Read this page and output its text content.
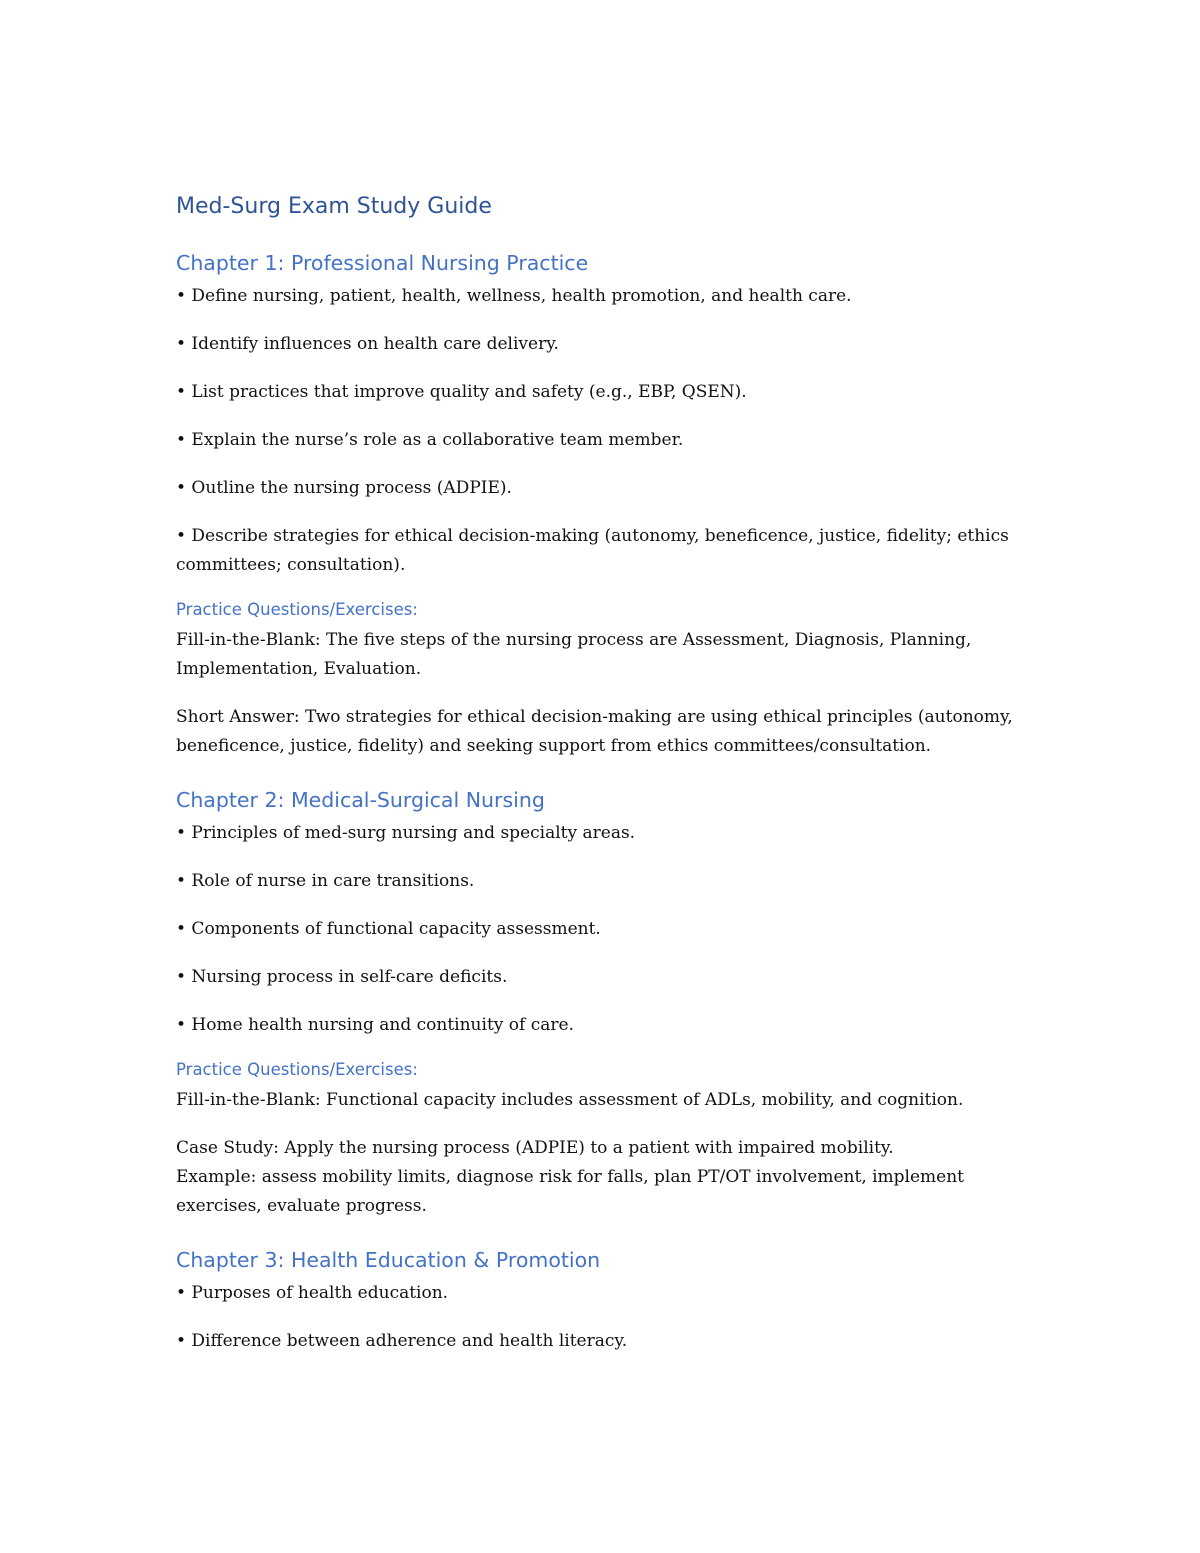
Med-Surg Exam Study Guide
Chapter 1: Professional Nursing Practice

• Define nursing, patient, health, wellness, health promotion, and health care.

• Identify influences on health care delivery.

• List practices that improve quality and safety (e.g., EBP, QSEN).

• Explain the nurse’s role as a collaborative team member.

• Outline the nursing process (ADPIE).

• Describe strategies for ethical decision-making (autonomy, beneficence, justice, fidelity; ethics committees; consultation).

Practice Questions/Exercises:

Fill-in-the-Blank: The five steps of the nursing process are Assessment, Diagnosis, Planning, Implementation, Evaluation.

Short Answer: Two strategies for ethical decision-making are using ethical principles (autonomy, beneficence, justice, fidelity) and seeking support from ethics committees/consultation.

Chapter 2: Medical-Surgical Nursing

• Principles of med-surg nursing and specialty areas.

• Role of nurse in care transitions.

• Components of functional capacity assessment.

• Nursing process in self-care deficits.

• Home health nursing and continuity of care.

Practice Questions/Exercises:

Fill-in-the-Blank: Functional capacity includes assessment of ADLs, mobility, and cognition.

Case Study: Apply the nursing process (ADPIE) to a patient with impaired mobility.
Example: assess mobility limits, diagnose risk for falls, plan PT/OT involvement, implement exercises, evaluate progress.

Chapter 3: Health Education & Promotion

• Purposes of health education.

• Difference between adherence and health literacy.
